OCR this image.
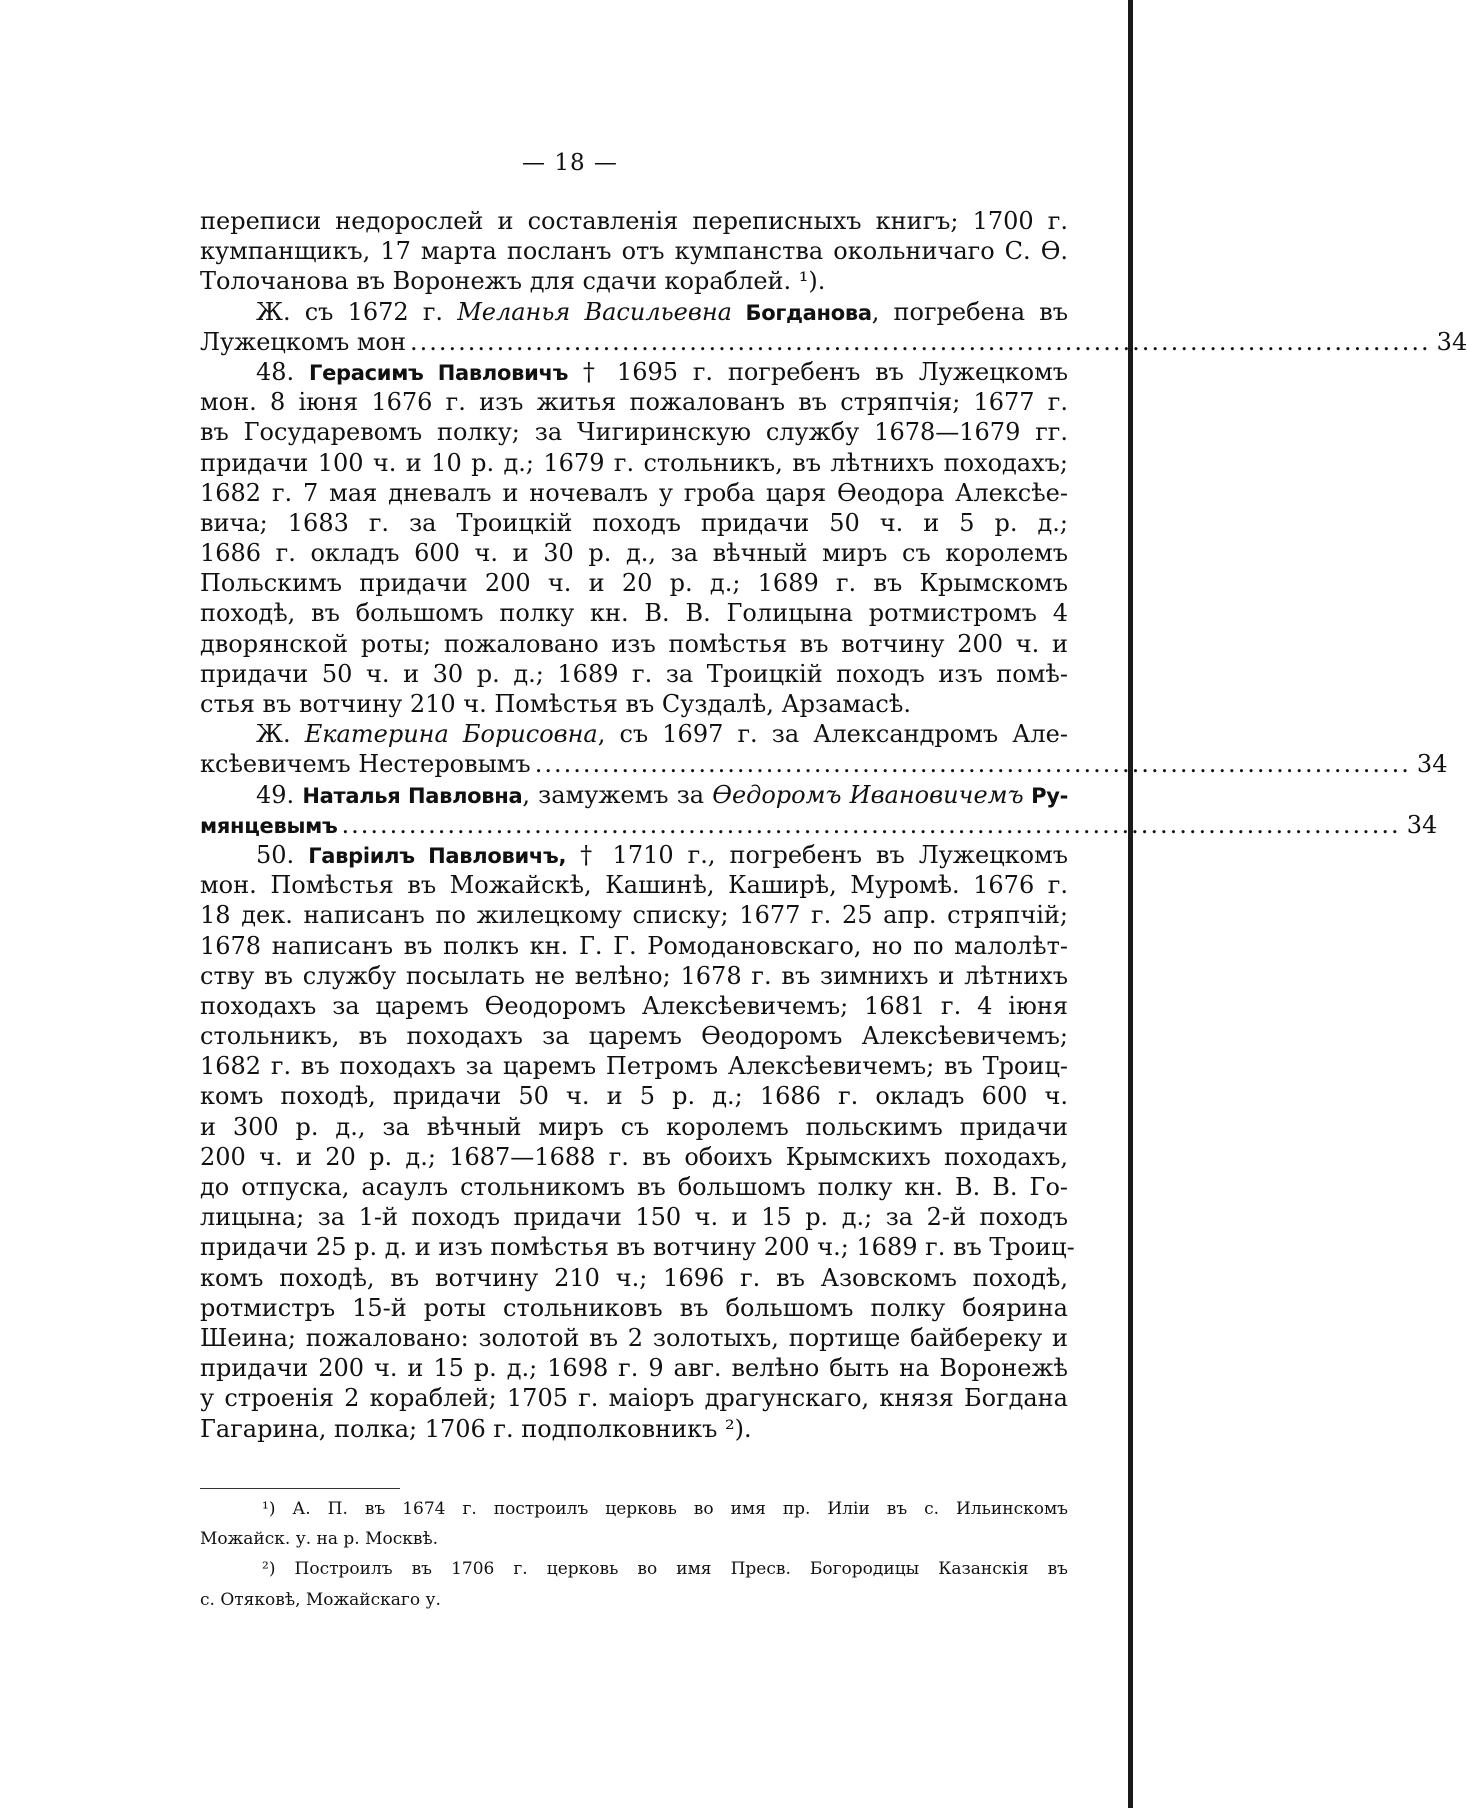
— 18 —
переписи недорослей и составленія переписныхъ книгъ; 1700 г.
кумпанщикъ, 17 марта посланъ отъ кумпанства окольничаго С. Ѳ.
Толочанова въ Воронежъ для сдачи кораблей. ¹).
Ж. съ 1672 г. Меланья Васильевна Богданова, погребена въ
Лужецкомъ мон .......................................................................................................... 34
48. Герасимъ Павловичъ † 1695 г. погребенъ въ Лужецкомъ
мон. 8 іюня 1676 г. изъ житья пожалованъ въ стряпчія; 1677 г.
въ Государевомъ полку; за Чигиринскую службу 1678—1679 гг.
придачи 100 ч. и 10 р. д.; 1679 г. стольникъ, въ лѣтнихъ походахъ;
1682 г. 7 мая дневалъ и ночевалъ у гроба царя Ѳеодора Алексѣе-
вича; 1683 г. за Троицкій походъ придачи 50 ч. и 5 р. д.;
1686 г. окладъ 600 ч. и 30 р. д., за вѣчный миръ съ королемъ
Польскимъ придачи 200 ч. и 20 р. д.; 1689 г. въ Крымскомъ
походѣ, въ большомъ полку кн. В. В. Голицына ротмистромъ 4
дворянской роты; пожаловано изъ помѣстья въ вотчину 200 ч. и
придачи 50 ч. и 30 р. д.; 1689 г. за Троицкій походъ изъ помѣ-
стья въ вотчину 210 ч. Помѣстья въ Суздалѣ, Арзамасѣ.
Ж. Екатерина Борисовна, съ 1697 г. за Александромъ Але-
ксѣевичемъ Нестеровымъ ........................................................................................... 34
49. Наталья Павловна, замужемъ за Ѳедоромъ Ивановичемъ Ру-
мянцевымъ .............................................................................................................. 34
50. Гавріилъ Павловичъ, † 1710 г., погребенъ въ Лужецкомъ
мон. Помѣстья въ Можайскѣ, Кашинѣ, Каширѣ, Муромѣ. 1676 г.
18 дек. написанъ по жилецкому списку; 1677 г. 25 апр. стряпчій;
1678 написанъ въ полкъ кн. Г. Г. Ромодановскаго, но по малолѣт-
ству въ службу посылать не велѣно; 1678 г. въ зимнихъ и лѣтнихъ
походахъ за царемъ Ѳеодоромъ Алексѣевичемъ; 1681 г. 4 іюня
стольникъ, въ походахъ за царемъ Ѳеодоромъ Алексѣевичемъ;
1682 г. въ походахъ за царемъ Петромъ Алексѣевичемъ; въ Троиц-
комъ походѣ, придачи 50 ч. и 5 р. д.; 1686 г. окладъ 600 ч.
и 300 р. д., за вѣчный миръ съ королемъ польскимъ придачи
200 ч. и 20 р. д.; 1687—1688 г. въ обоихъ Крымскихъ походахъ,
до отпуска, асаулъ стольникомъ въ большомъ полку кн. В. В. Го-
лицына; за 1-й походъ придачи 150 ч. и 15 р. д.; за 2-й походъ
придачи 25 р. д. и изъ помѣстья въ вотчину 200 ч.; 1689 г. въ Троиц-
комъ походѣ, въ вотчину 210 ч.; 1696 г. въ Азовскомъ походѣ,
ротмистръ 15-й роты стольниковъ въ большомъ полку боярина
Шеина; пожаловано: золотой въ 2 золотыхъ, портище байбереку и
придачи 200 ч. и 15 р. д.; 1698 г. 9 авг. велѣно быть на Воронежѣ
у строенія 2 кораблей; 1705 г. маіоръ драгунскаго, князя Богдана
Гагарина, полка; 1706 г. подполковникъ ²).
¹) А. П. въ 1674 г. построилъ церковь во имя пр. Иліи въ с. Ильинскомъ
Можайск. у. на р. Москвѣ.
²) Построилъ въ 1706 г. церковь во имя Пресв. Богородицы Казанскія въ
с. Отяковѣ, Можайскаго у.
